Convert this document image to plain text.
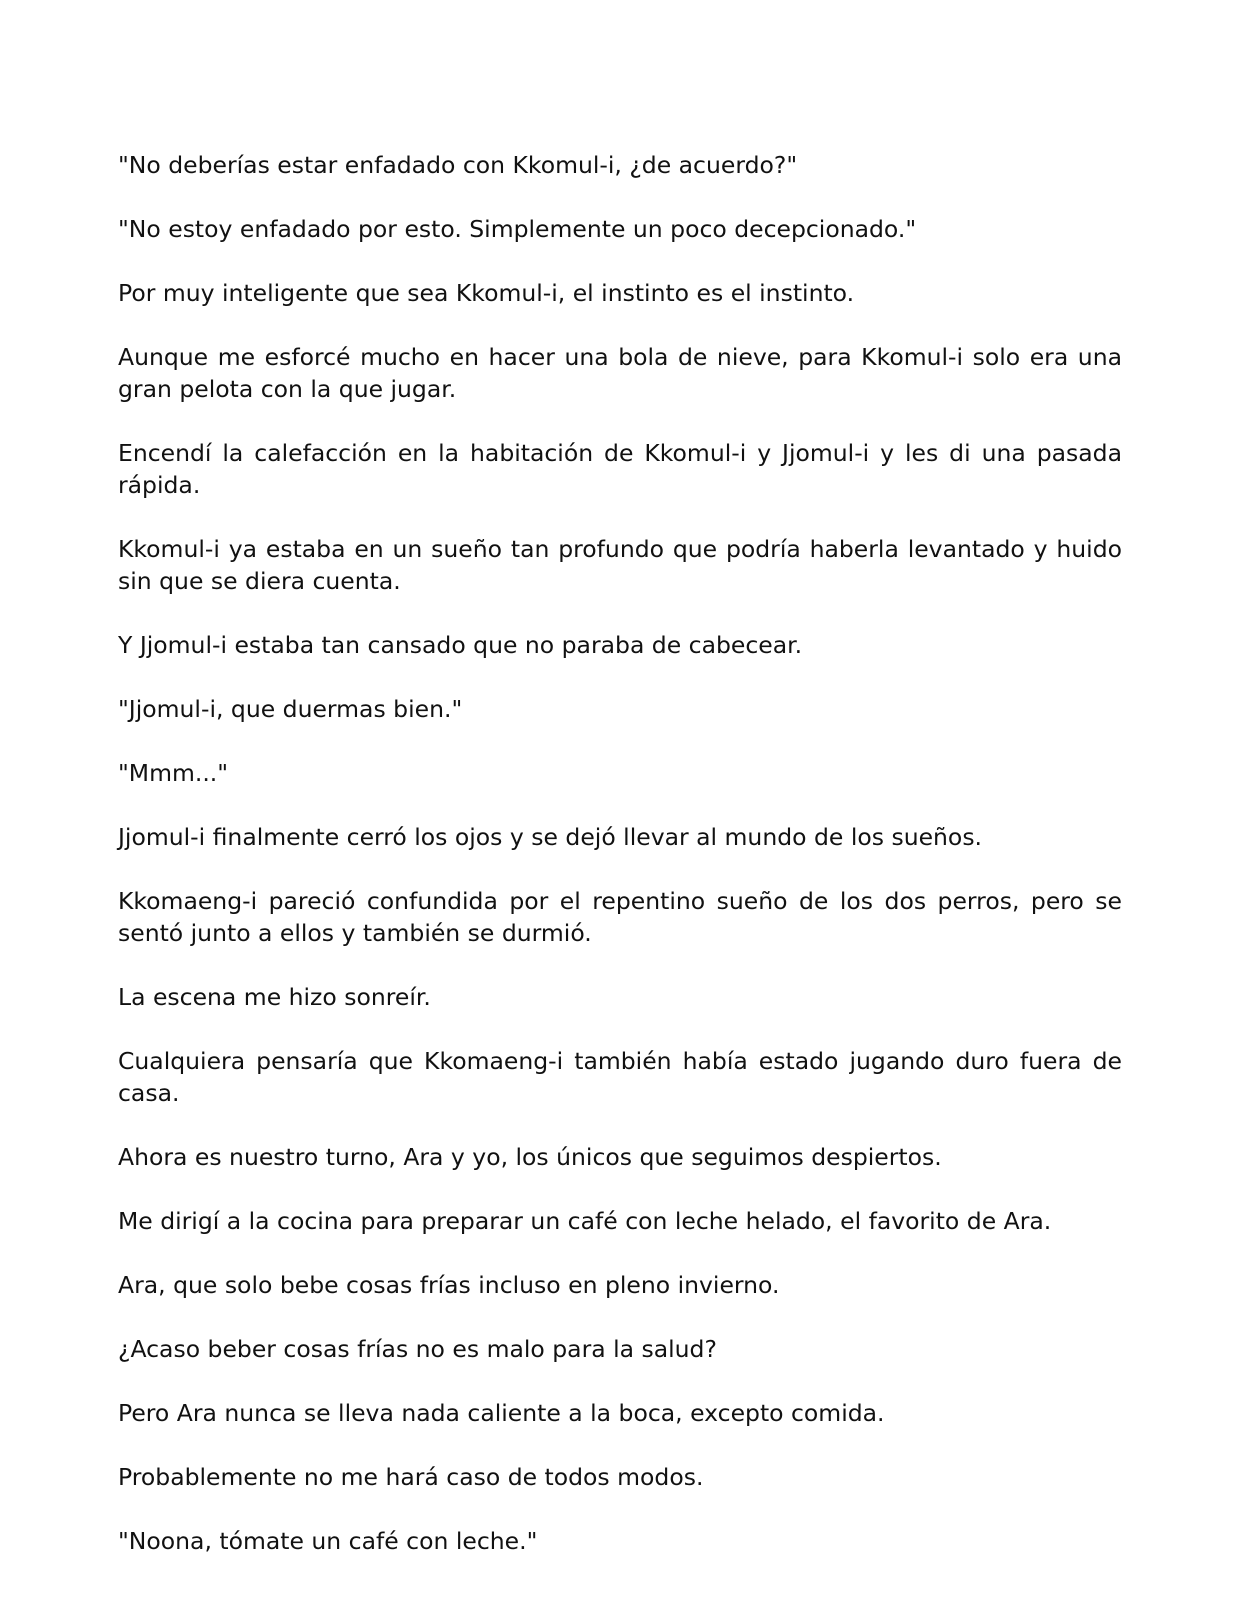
"No deberías estar enfadado con Kkomul-i, ¿de acuerdo?"

"No estoy enfadado por esto. Simplemente un poco decepcionado."

Por muy inteligente que sea Kkomul-i, el instinto es el instinto.

Aunque me esforcé mucho en hacer una bola de nieve, para Kkomul-i solo era una gran pelota con la que jugar.

Encendí la calefacción en la habitación de Kkomul-i y Jjomul-i y les di una pasada rápida.

Kkomul-i ya estaba en un sueño tan profundo que podría haberla levantado y huido sin que se diera cuenta.

Y Jjomul-i estaba tan cansado que no paraba de cabecear.

"Jjomul-i, que duermas bien."

"Mmm..."

Jjomul-i finalmente cerró los ojos y se dejó llevar al mundo de los sueños.

Kkomaeng-i pareció confundida por el repentino sueño de los dos perros, pero se sentó junto a ellos y también se durmió.

La escena me hizo sonreír.

Cualquiera pensaría que Kkomaeng-i también había estado jugando duro fuera de casa.

Ahora es nuestro turno, Ara y yo, los únicos que seguimos despiertos.

Me dirigí a la cocina para preparar un café con leche helado, el favorito de Ara.

Ara, que solo bebe cosas frías incluso en pleno invierno.

¿Acaso beber cosas frías no es malo para la salud?

Pero Ara nunca se lleva nada caliente a la boca, excepto comida.

Probablemente no me hará caso de todos modos.

"Noona, tómate un café con leche."
